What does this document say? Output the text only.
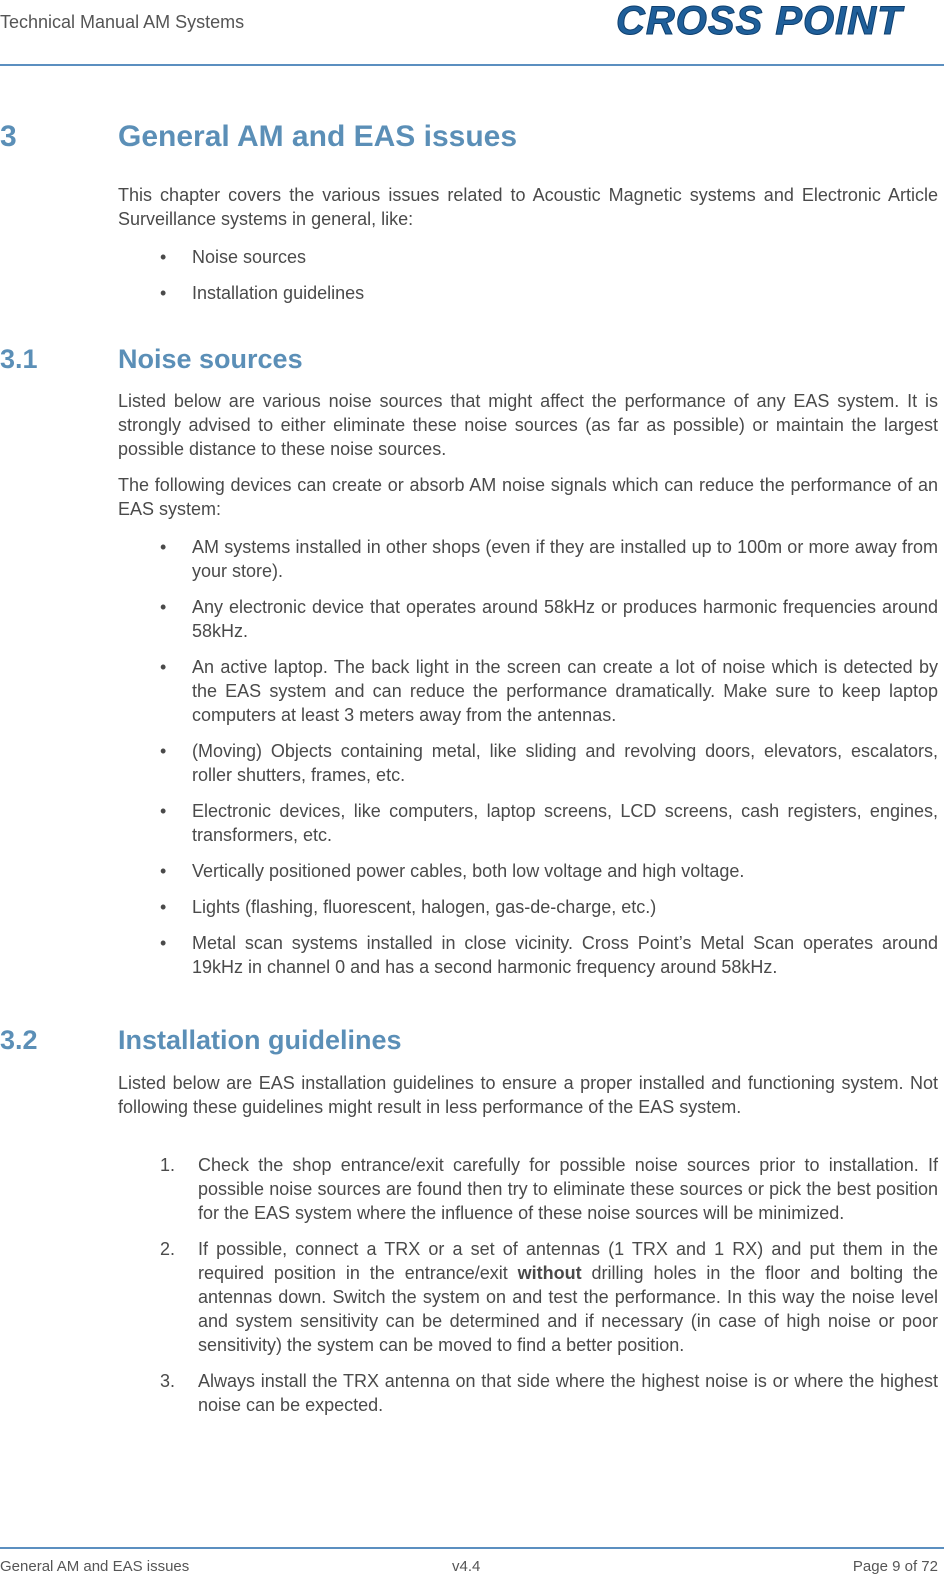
Technical Manual AM Systems	CROSS POINT
3	General AM and EAS issues
This chapter covers the various issues related to Acoustic Magnetic systems and Electronic Article Surveillance systems in general, like:
• Noise sources
• Installation guidelines
3.1	Noise sources
Listed below are various noise sources that might affect the performance of any EAS system. It is strongly advised to either eliminate these noise sources (as far as possible) or maintain the largest possible distance to these noise sources.
The following devices can create or absorb AM noise signals which can reduce the performance of an EAS system:
• AM systems installed in other shops (even if they are installed up to 100m or more away from your store).
• Any electronic device that operates around 58kHz or produces harmonic frequencies around 58kHz.
• An active laptop. The back light in the screen can create a lot of noise which is detected by the EAS system and can reduce the performance dramatically. Make sure to keep laptop computers at least 3 meters away from the antennas.
• (Moving) Objects containing metal, like sliding and revolving doors, elevators, escalators, roller shutters, frames, etc.
• Electronic devices, like computers, laptop screens, LCD screens, cash registers, engines, transformers, etc.
• Vertically positioned power cables, both low voltage and high voltage.
• Lights (flashing, fluorescent, halogen, gas-de-charge, etc.)
• Metal scan systems installed in close vicinity. Cross Point’s Metal Scan operates around 19kHz in channel 0 and has a second harmonic frequency around 58kHz.
3.2	Installation guidelines
Listed below are EAS installation guidelines to ensure a proper installed and functioning system. Not following these guidelines might result in less performance of the EAS system.
1. Check the shop entrance/exit carefully for possible noise sources prior to installation. If possible noise sources are found then try to eliminate these sources or pick the best position for the EAS system where the influence of these noise sources will be minimized.
2. If possible, connect a TRX or a set of antennas (1 TRX and 1 RX) and put them in the required position in the entrance/exit without drilling holes in the floor and bolting the antennas down. Switch the system on and test the performance. In this way the noise level and system sensitivity can be determined and if necessary (in case of high noise or poor sensitivity) the system can be moved to find a better position.
3. Always install the TRX antenna on that side where the highest noise is or where the highest noise can be expected.
General AM and EAS issues	v4.4	Page 9 of 72
